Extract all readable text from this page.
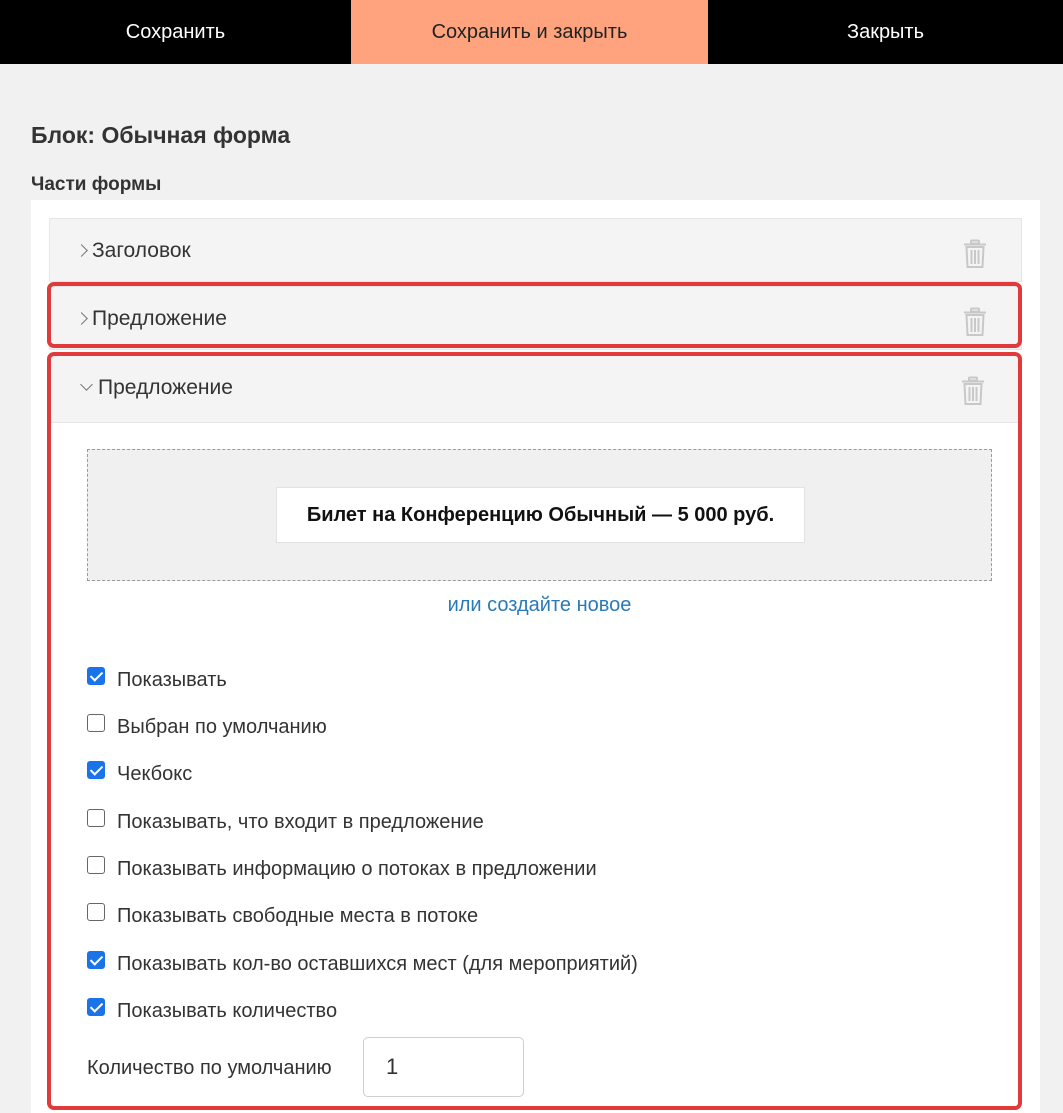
Сохранить	Сохранить и закрыть	Закрыть
Блок: Обычная форма
Части формы
Заголовок
Предложение
Предложение
Билет на Конференцию Обычный — 5 000 руб.
или создайте новое
Показывать
Выбран по умолчанию
Чекбокс
Показывать, что входит в предложение
Показывать информацию о потоках в предложении
Показывать свободные места в потоке
Показывать кол-во оставшихся мест (для мероприятий)
Показывать количество
Количество по умолчанию
1
